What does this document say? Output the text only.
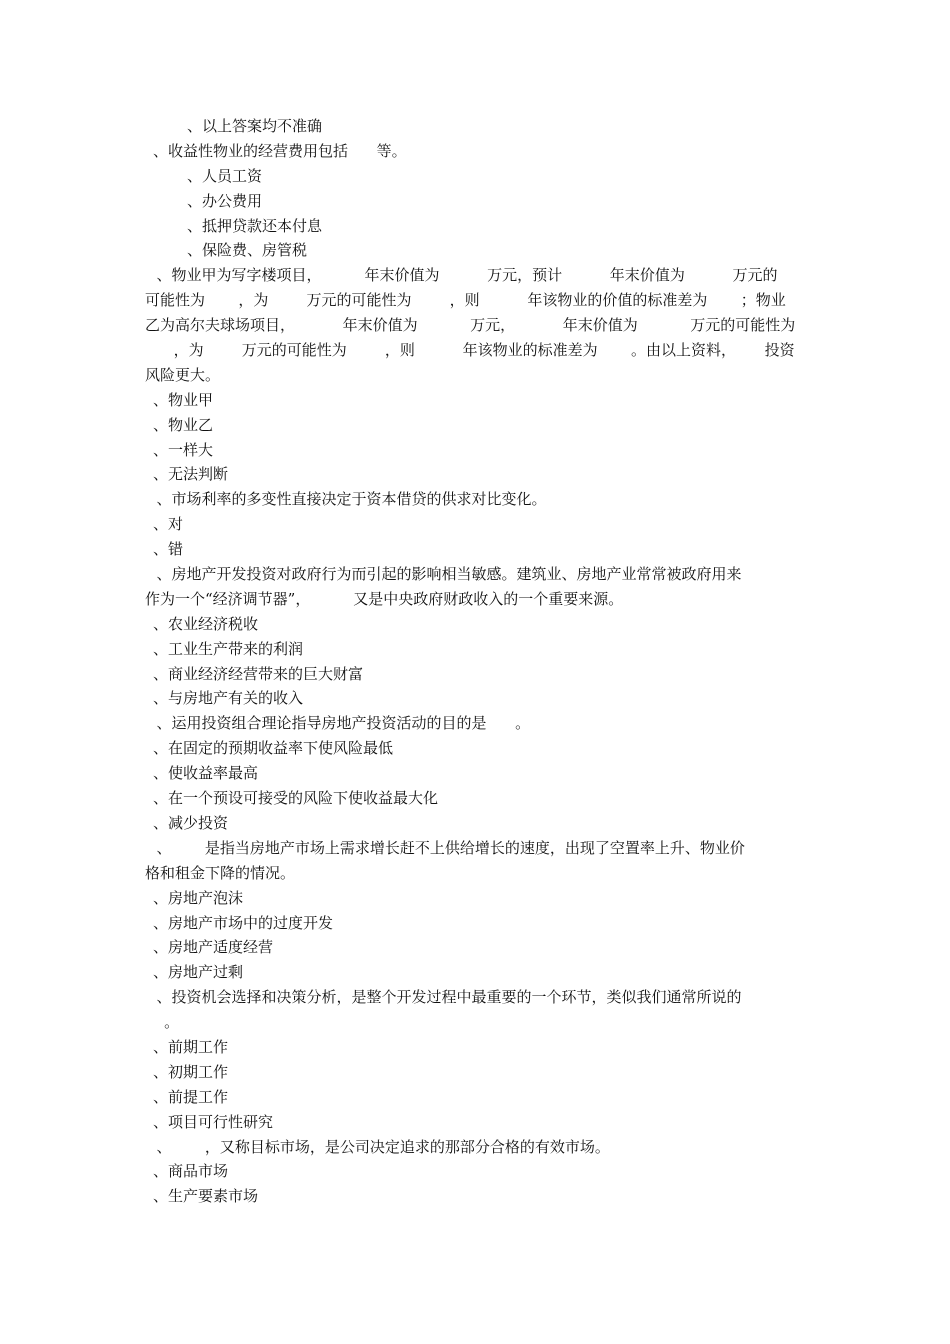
、以上答案均不准确
、收益性物业的经营费用包括      等。
、人员工资
、办公费用
、抵押贷款还本付息
、保险费、房管税
、物业甲为写字楼项目，         年末价值为          万元，预计          年末价值为          万元的
可能性为       ，为        万元的可能性为        ，则          年该物业的价值的标准差为       ；物业
乙为高尔夫球场项目，          年末价值为           万元，          年末价值为           万元的可能性为
，为        万元的可能性为        ，则          年该物业的标准差为       。由以上资料，      投资
风险更大。
、物业甲
、物业乙
、一样大
、无法判断
、市场利率的多变性直接决定于资本借贷的供求对比变化。
、对
、错
、房地产开发投资对政府行为而引起的影响相当敏感。建筑业、房地产业常常被政府用来
作为一个“经济调节器”，         又是中央政府财政收入的一个重要来源。
、农业经济税收
、工业生产带来的利润
、商业经济经营带来的巨大财富
、与房地产有关的收入
、运用投资组合理论指导房地产投资活动的目的是      。
、在固定的预期收益率下使风险最低
、使收益率最高
、在一个预设可接受的风险下使收益最大化
、减少投资
、       是指当房地产市场上需求增长赶不上供给增长的速度，出现了空置率上升、物业价
格和租金下降的情况。
、房地产泡沫
、房地产市场中的过度开发
、房地产适度经营
、房地产过剩
、投资机会选择和决策分析，是整个开发过程中最重要的一个环节，类似我们通常所说的
。
、前期工作
、初期工作
、前提工作
、项目可行性研究
、       ，又称目标市场，是公司决定追求的那部分合格的有效市场。
、商品市场
、生产要素市场
